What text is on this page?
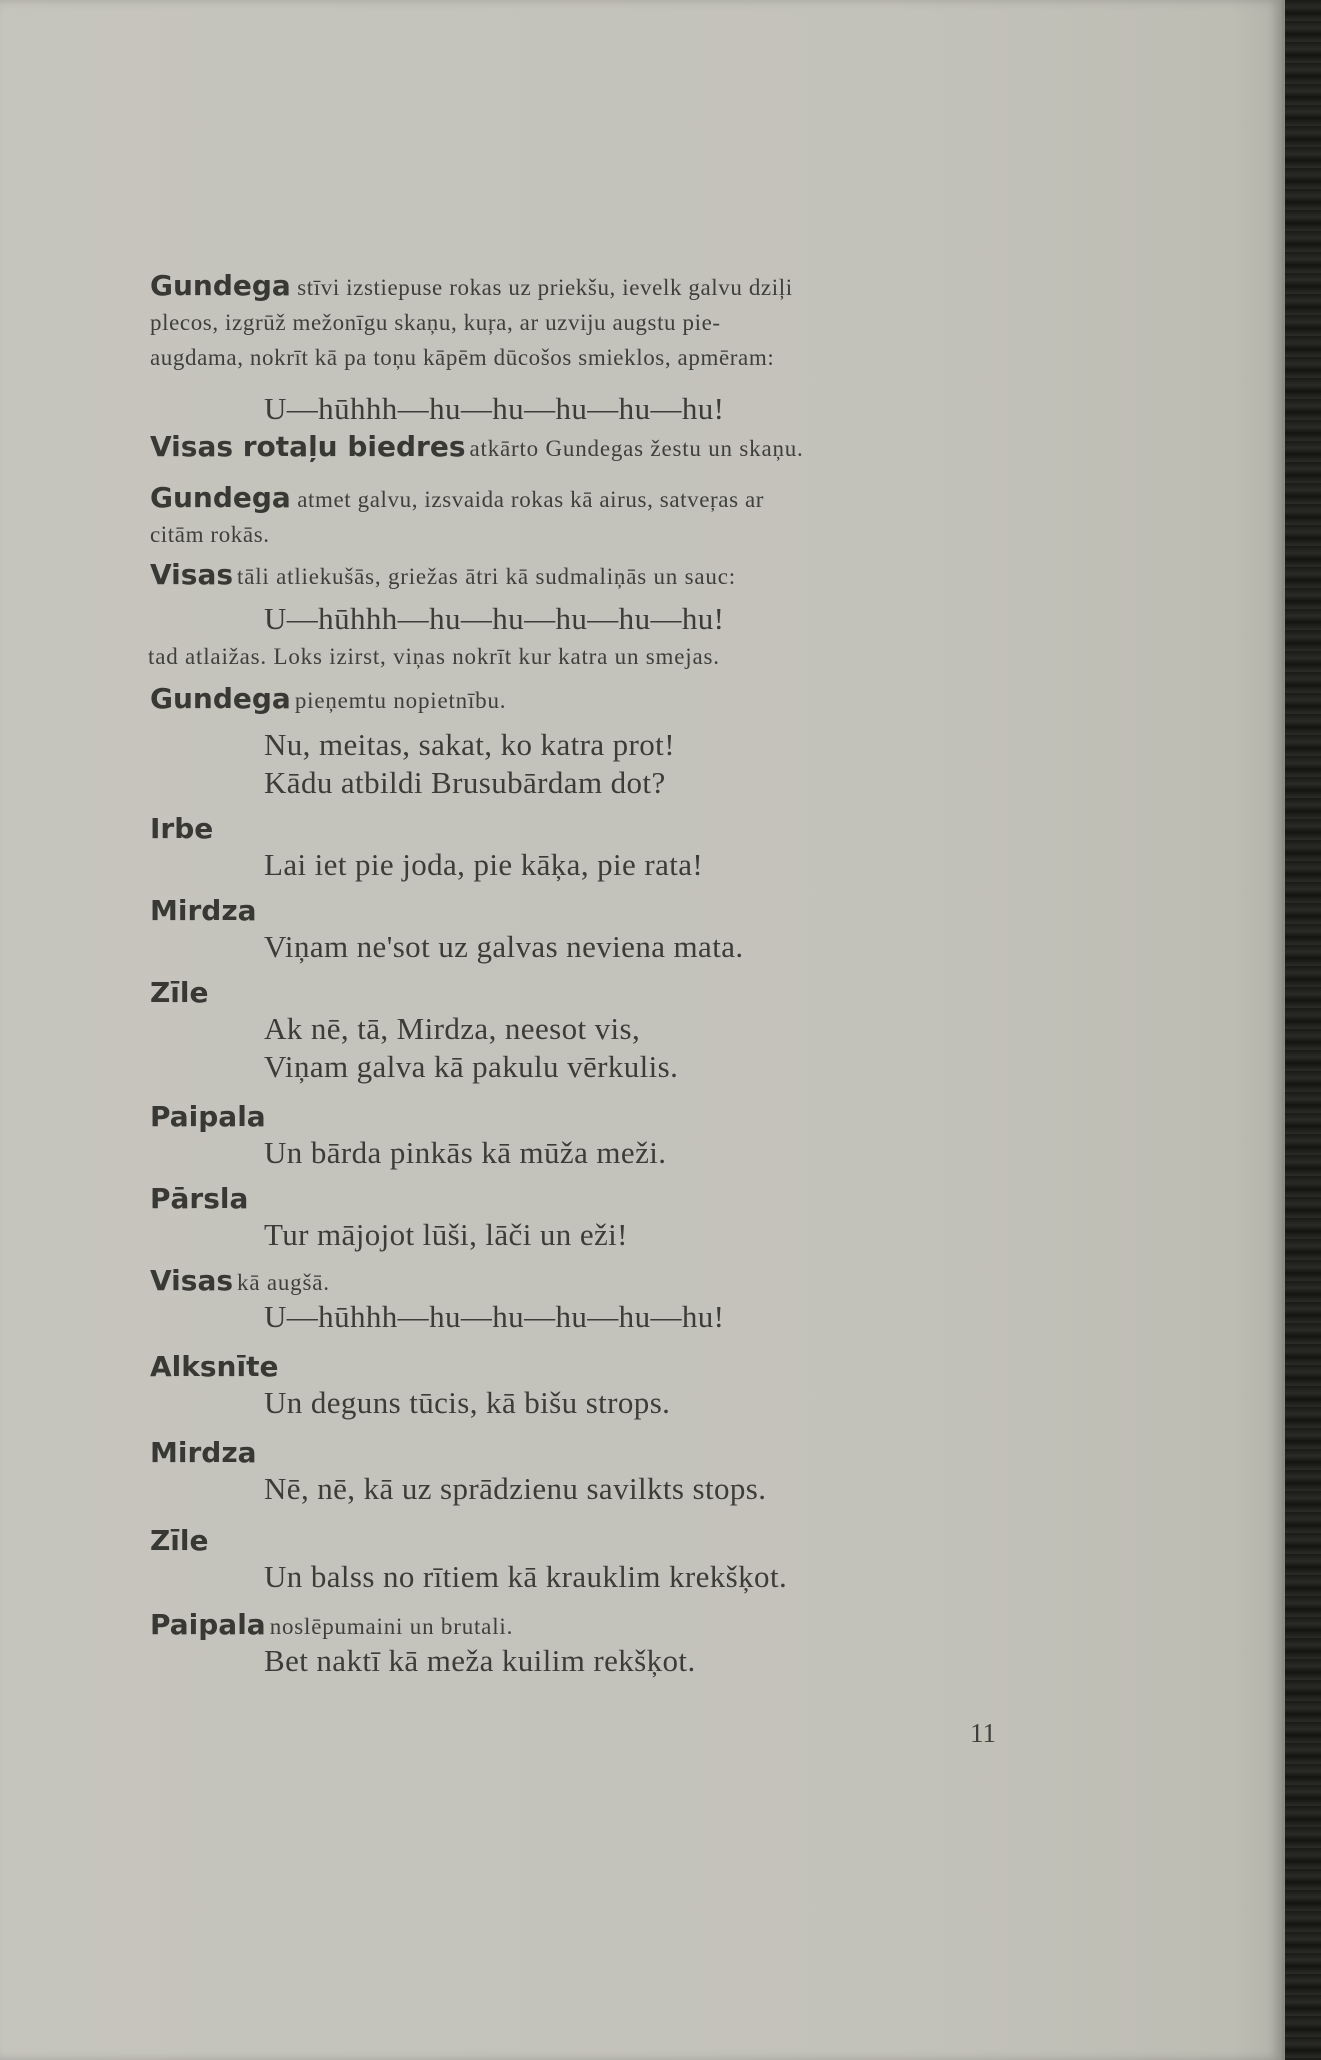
Gundega stīvi izstiepuse rokas uz priekšu, ievelk galvu dziļi

plecos, izgrūž mežonīgu skaņu, kuŗa, ar uzviju augstu pie-

augdama, nokrīt kā pa toņu kāpēm dūcošos smieklos, apmēram:

U—hūhhh—hu—hu—hu—hu—hu!
Visas rotaļu biedres atkārto Gundegas žestu un skaņu.

Gundega atmet galvu, izsvaida rokas kā airus, satveŗas ar

citām rokās.

Visas tāli atliekušās, griežas ātri kā sudmaliņās un sauc:
U—hūhhh—hu—hu—hu—hu—hu!
tad atlaižas. Loks izirst, viņas nokrīt kur katra un smejas.
Gundega pieņemtu nopietnību.
Nu, meitas, sakat, ko katra prot!
Kādu atbildi Brusubārdam dot?
Irbe
Lai iet pie joda, pie kāķa, pie rata!
Mirdza
Viņam ne'sot uz galvas neviena mata.
Zīle
Ak nē, tā, Mirdza, neesot vis,
Viņam galva kā pakulu vērkulis.
Paipala
Un bārda pinkās kā mūža meži.
Pārsla
Tur mājojot lūši, lāči un eži!
Visas kā augšā.
U—hūhhh—hu—hu—hu—hu—hu!
Alksnīte
Un deguns tūcis, kā bišu strops.
Mirdza
Nē, nē, kā uz sprādzienu savilkts stops.
Zīle
Un balss no rītiem kā krauklim krekšķot.
Paipala noslēpumaini un brutali.
Bet naktī kā meža kuilim rekšķot.
11
